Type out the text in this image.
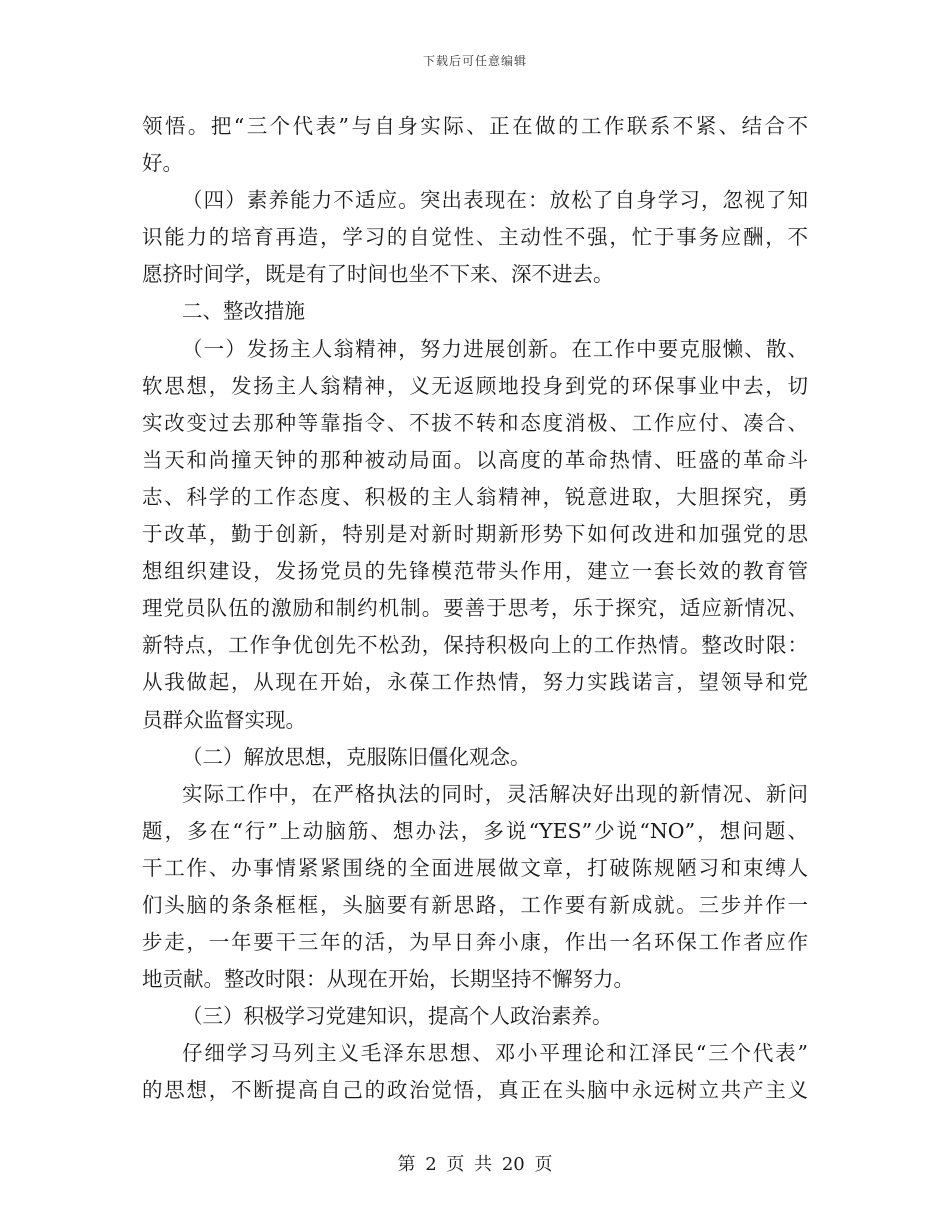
下载后可任意编辑
领悟。把“三个代表”与自身实际、正在做的工作联系不紧、结合不
好。
（四）素养能力不适应。突出表现在：放松了自身学习，忽视了知
识能力的培育再造，学习的自觉性、主动性不强，忙于事务应酬，不
愿挤时间学，既是有了时间也坐不下来、深不进去。
二、整改措施
（一）发扬主人翁精神，努力进展创新。在工作中要克服懒、散、
软思想，发扬主人翁精神，义无返顾地投身到党的环保事业中去，切
实改变过去那种等靠指令、不拔不转和态度消极、工作应付、凑合、
当天和尚撞天钟的那种被动局面。以高度的革命热情、旺盛的革命斗
志、科学的工作态度、积极的主人翁精神，锐意进取，大胆探究，勇
于改革，勤于创新，特别是对新时期新形势下如何改进和加强党的思
想组织建设，发扬党员的先锋模范带头作用，建立一套长效的教育管
理党员队伍的激励和制约机制。要善于思考，乐于探究，适应新情况、
新特点，工作争优创先不松劲，保持积极向上的工作热情。整改时限：
从我做起，从现在开始，永葆工作热情，努力实践诺言，望领导和党
员群众监督实现。
（二）解放思想，克服陈旧僵化观念。
实际工作中，在严格执法的同时，灵活解决好出现的新情况、新问
题，多在“行”上动脑筋、想办法，多说“YES”少说“NO”，想问题、
干工作、办事情紧紧围绕的全面进展做文章，打破陈规陋习和束缚人
们头脑的条条框框，头脑要有新思路，工作要有新成就。三步并作一
步走，一年要干三年的活，为早日奔小康，作出一名环保工作者应作
地贡献。整改时限：从现在开始，长期坚持不懈努力。
（三）积极学习党建知识，提高个人政治素养。
仔细学习马列主义毛泽东思想、邓小平理论和江泽民“三个代表”
的思想，不断提高自己的政治觉悟，真正在头脑中永远树立共产主义
第 2 页 共 20 页
